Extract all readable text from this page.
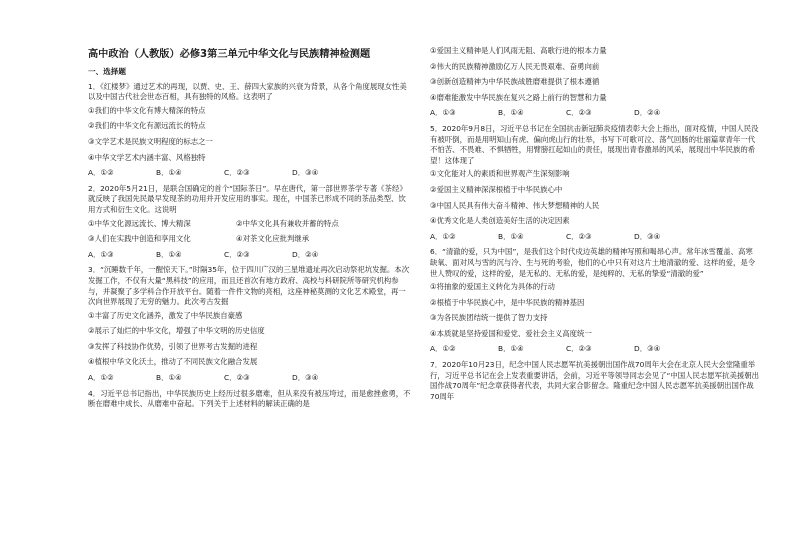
高中政治（人教版）必修3第三单元中华文化与民族精神检测题
一、选择题
1．《红楼梦》通过艺术的再现，以贾、史、王、薛四大家族的兴衰为背景，从各个角度展现女性美以及中国古代社会世态百相，具有独特的风格。这表明了
①我们的中华文化有博大精深的特点
②我们的中华文化有源远流长的特点
③文学艺术是民族文明程度的标志之一
④中华文学艺术内涵丰富、风格独特
A．①②	B．①④	C．②③	D．③④
2．2020年5月21日，是联合国确定的首个“国际茶日”。早在唐代，第一部世界茶学专著《茶经》就反映了我国先民最早发现茶的功用并开发应用的事实。现在，中国茶已形成不同的茶品类型、饮用方式和衍生文化。这说明
①中华文化源远流长、博大精深	②中华文化具有兼收并蓄的特点
③人们在实践中创造和享用文化	④对茶文化应批判继承
A．①③	B．①④	C．②③	D．②④
3．“沉睡数千年，一醒惊天下。”时隔35年，位于四川广汉的三星堆遗址再次启动祭祀坑发掘。本次发掘工作，不仅有大量“黑科技”的应用，而且还首次有地方政府、高校与科研院所等研究机构参与，并凝聚了多学科合作开放平台。随着一件件文物的亮相，这座神秘莫测的文化艺术殿堂，再一次向世界展现了无穷的魅力。此次考古发掘
①丰富了历史文化涵养，激发了中华民族自豪感
②展示了灿烂的中华文化，增强了中华文明的历史信度
③发挥了科技协作优势，引领了世界考古发掘的进程
④植根中华文化沃土，推动了不同民族文化融合发展
A．①②	B．①④	C．②③	D．③④
4．习近平总书记指出，中华民族历史上经历过很多磨难，但从来没有被压垮过，而是愈挫愈勇，不断在磨难中成长、从磨难中奋起。下列关于上述材料的解读正确的是
①爱国主义精神是人们风雨无阻、高歌行进的根本力量
②伟大的民族精神激励亿万人民无畏艰难、奋勇向前
③创新创造精神为中华民族战胜磨难提供了根本遵循
④磨难能激发中华民族在复兴之路上前行的智慧和力量
A．①③	B．①④	C．②③	D．②④
5．2020年9月8日，习近平总书记在全国抗击新冠肺炎疫情表彰大会上指出，面对疫情，中国人民没有被吓倒，而是用明知山有虎、偏向虎山行的壮举，书写下可歌可泣、荡气回肠的壮丽篇章青年一代不怕苦、不畏难、不惧牺牲，用臂膀扛起如山的责任，展现出青春激昂的风采，展现出中华民族的希望！这体现了
①文化能对人的素质和世界观产生深刻影响
②爱国主义精神深深根植于中华民族心中
③中国人民具有伟大奋斗精神、伟大梦想精神的人民
④优秀文化是人类创造美好生活的决定因素
A．①②	B．①④	C．②③	D．③④
6．“清澈的爱，只为中国”，是我们这个时代戍边英雄的精神写照和喝昂心声。常年冰雪覆盖、高寒缺氧、面对风与雪的沉与冷、生与死的考验，他们的心中只有对这片土地清澈的爱、这样的爱，是令世人赞叹的爱，这样的爱，是无私的、无私的爱，是纯粹的、无私的挚爱“清澈的爱”
①将抽象的爱国主义转化为具体的行动
②根植于中华民族心中，是中华民族的精神基因
③为各民族团结统一提供了智力支持
④本质就是坚持爱国和爱党、爱社会主义高度统一
A．①②	B．①④	C．②③	D．③④
7．2020年10月23日，纪念中国人民志愿军抗美援朝出国作战70周年大会在北京人民大会堂隆重举行，习近平总书记在会上发表重要讲话，会前，习近平等领导同志会见了“中国人民志愿军抗美援朝出国作战70周年”纪念章获得者代表，共同大家合影留念。隆重纪念中国人民志愿军抗美援朝出国作战70周年
